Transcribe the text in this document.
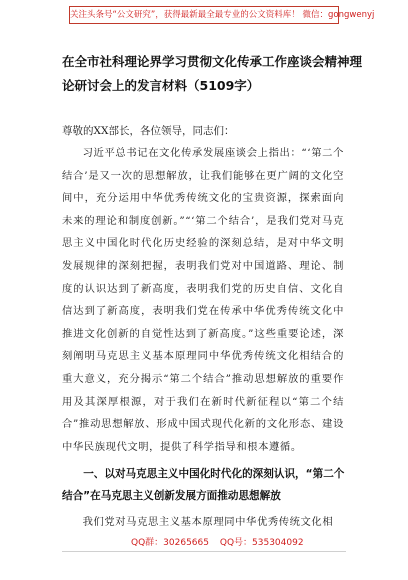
关注头条号“公文研究”，获得最新最全最专业的公文资料库！ 微信：gongwenyj
在全市社科理论界学习贯彻文化传承工作座谈会精神理论研讨会上的发言材料（5109字）
尊敬的XX部长，各位领导，同志们：

习近平总书记在文化传承发展座谈会上指出：“‘第二个结合’是又一次的思想解放，让我们能够在更广阔的文化空间中，充分运用中华优秀传统文化的宝贵资源，探索面向未来的理论和制度创新。”“‘第二个结合’，是我们党对马克思主义中国化时代化历史经验的深刻总结，是对中华文明发展规律的深刻把握，表明我们党对中国道路、理论、制度的认识达到了新高度，表明我们党的历史自信、文化自信达到了新高度，表明我们党在传承中华优秀传统文化中推进文化创新的自觉性达到了新高度。”这些重要论述，深刻阐明马克思主义基本原理同中华优秀传统文化相结合的重大意义，充分揭示“第二个结合”推动思想解放的重要作用及其深厚根源，对于我们在新时代新征程以“第二个结合”推动思想解放、形成中国式现代化新的文化形态、建设中华民族现代文明，提供了科学指导和根本遵循。

一、以对马克思主义中国化时代化的深刻认识，“第二个结合”在马克思主义创新发展方面推动思想解放

我们党对马克思主义基本原理同中华优秀传统文化相

QQ群：30265665 QQ号：535304092
